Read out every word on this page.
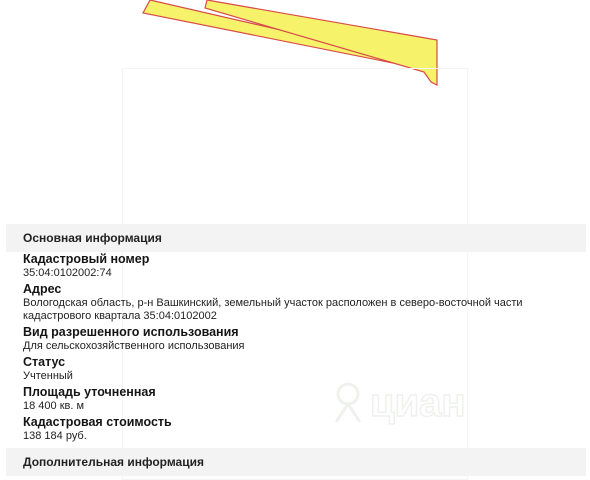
Основная информация
Кадастровый номер
35:04:0102002:74
Адрес
Вологодская область, р-н Вашкинский, земельный участок расположен в северо-восточной части кадастрового квартала 35:04:0102002
Вид разрешенного использования
Для сельскохозяйственного использования
Статус
Учтенный
Площадь уточненная
18 400 кв. м
Кадастровая стоимость
138 184 руб.
циан
Дополнительная информация
